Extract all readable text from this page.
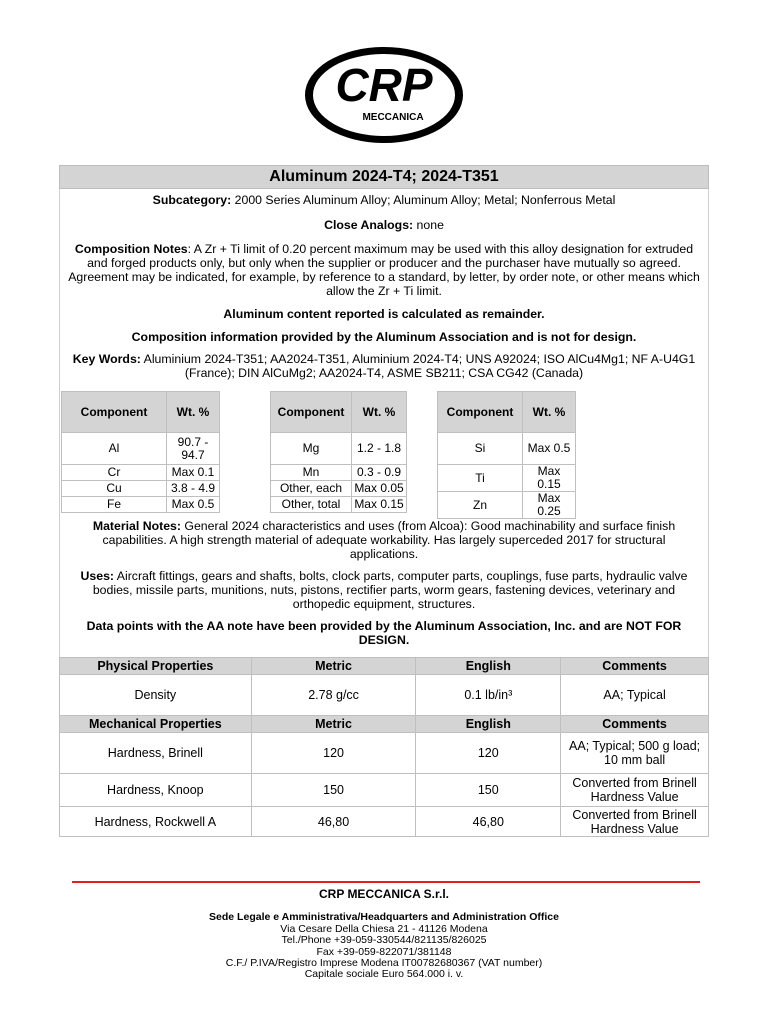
CRP
MECCANICA
Aluminum 2024-T4; 2024-T351

Subcategory: 2000 Series Aluminum Alloy; Aluminum Alloy; Metal; Nonferrous Metal

Close Analogs: none

Composition Notes: A Zr + Ti limit of 0.20 percent maximum may be used with this alloy designation for extruded and forged products only, but only when the supplier or producer and the purchaser have mutually so agreed. Agreement may be indicated, for example, by reference to a standard, by letter, by order note, or other means which allow the Zr + Ti limit.

Aluminum content reported is calculated as remainder.

Composition information provided by the Aluminum Association and is not for design.

Key Words: Aluminium 2024-T351; AA2024-T351, Aluminium 2024-T4; UNS A92024; ISO AlCu4Mg1; NF A-U4G1 (France); DIN AlCuMg2; AA2024-T4, ASME SB211; CSA CG42 (Canada)

Component	Wt. %
Al	90.7 - 94.7
Cr	Max 0.1
Cu	3.8 - 4.9
Fe	Max 0.5
Component	Wt. %
Mg	1.2 - 1.8
Mn	0.3 - 0.9
Other, each	Max 0.05
Other, total	Max 0.15
Component	Wt. %
Si	Max 0.5
Ti	Max 0.15
Zn	Max 0.25

Material Notes: General 2024 characteristics and uses (from Alcoa): Good machinability and surface finish capabilities. A high strength material of adequate workability. Has largely superceded 2017 for structural applications.

Uses: Aircraft fittings, gears and shafts, bolts, clock parts, computer parts, couplings, fuse parts, hydraulic valve bodies, missile parts, munitions, nuts, pistons, rectifier parts, worm gears, fastening devices, veterinary and orthopedic equipment, structures.

Data points with the AA note have been provided by the Aluminum Association, Inc. and are NOT FOR DESIGN.

Physical Properties	Metric	English	Comments
Density	2.78 g/cc	0.1 lb/in³	AA; Typical
Mechanical Properties	Metric	English	Comments
Hardness, Brinell	120	120	AA; Typical; 500 g load; 10 mm ball
Hardness, Knoop	150	150	Converted from Brinell Hardness Value
Hardness, Rockwell A	46,80	46,80	Converted from Brinell Hardness Value
CRP MECCANICA S.r.l.
Sede Legale e Amministrativa/Headquarters and Administration Office
Via Cesare Della Chiesa 21 - 41126 Modena
Tel./Phone +39-059-330544/821135/826025
Fax +39-059-822071/381148
C.F./ P.IVA/Registro Imprese Modena IT00782680367 (VAT number)
Capitale sociale Euro 564.000 i. v.
